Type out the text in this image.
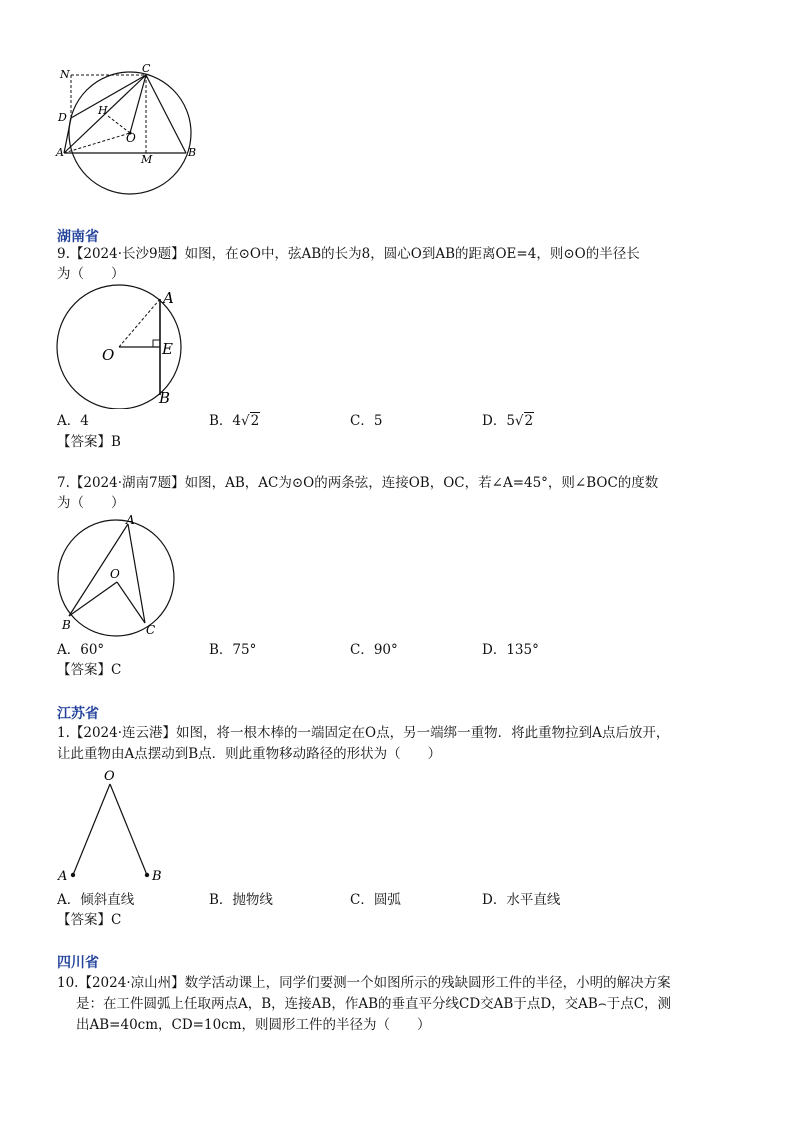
N	C
D
H
O
A
M
B
湖南省
9.【2024·长沙9题】如图，在⊙O中，弦AB的长为8，圆心O到AB的距离OE=4，则⊙O的半径长
为（　　）
A
O	E
B
A．4	B．4√2	C．5	D．5√2
【答案】B
7.【2024·湖南7题】如图，AB，AC为⊙O的两条弦，连接OB，OC，若∠A=45°，则∠BOC的度数
为（　　）
A
O
B	C
A．60°	B．75°	C．90°	D．135°
【答案】C
江苏省
1.【2024·连云港】如图，将一根木棒的一端固定在O点，另一端绑一重物．将此重物拉到A点后放开，
让此重物由A点摆动到B点．则此重物移动路径的形状为（　　）
O
A	B
A．倾斜直线	B．抛物线	C．圆弧	D．水平直线
【答案】C
四川省
10.【2024·凉山州】数学活动课上，同学们要测一个如图所示的残缺圆形工件的半径，小明的解决方案
是：在工件圆弧上任取两点A，B，连接AB，作AB的垂直平分线CD交AB于点D，交AB⌢于点C，测
出AB=40cm，CD=10cm，则圆形工件的半径为（　　）
